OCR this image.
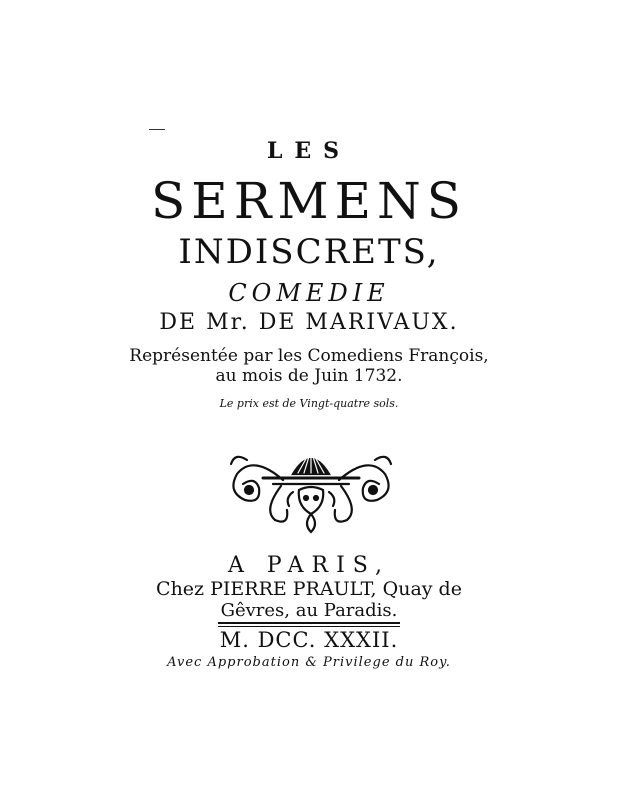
LES
SERMENS
INDISCRETS,
COMEDIE
DE Mr. DE MARIVAUX.
Représentée par les Comediens François,
au mois de Juin 1732.
Le prix est de Vingt-quatre sols.
A PARIS,
Chez PIERRE PRAULT, Quay de
Gêvres, au Paradis.
M. DCC. XXXII.
Avec Approbation & Privilege du Roy.
